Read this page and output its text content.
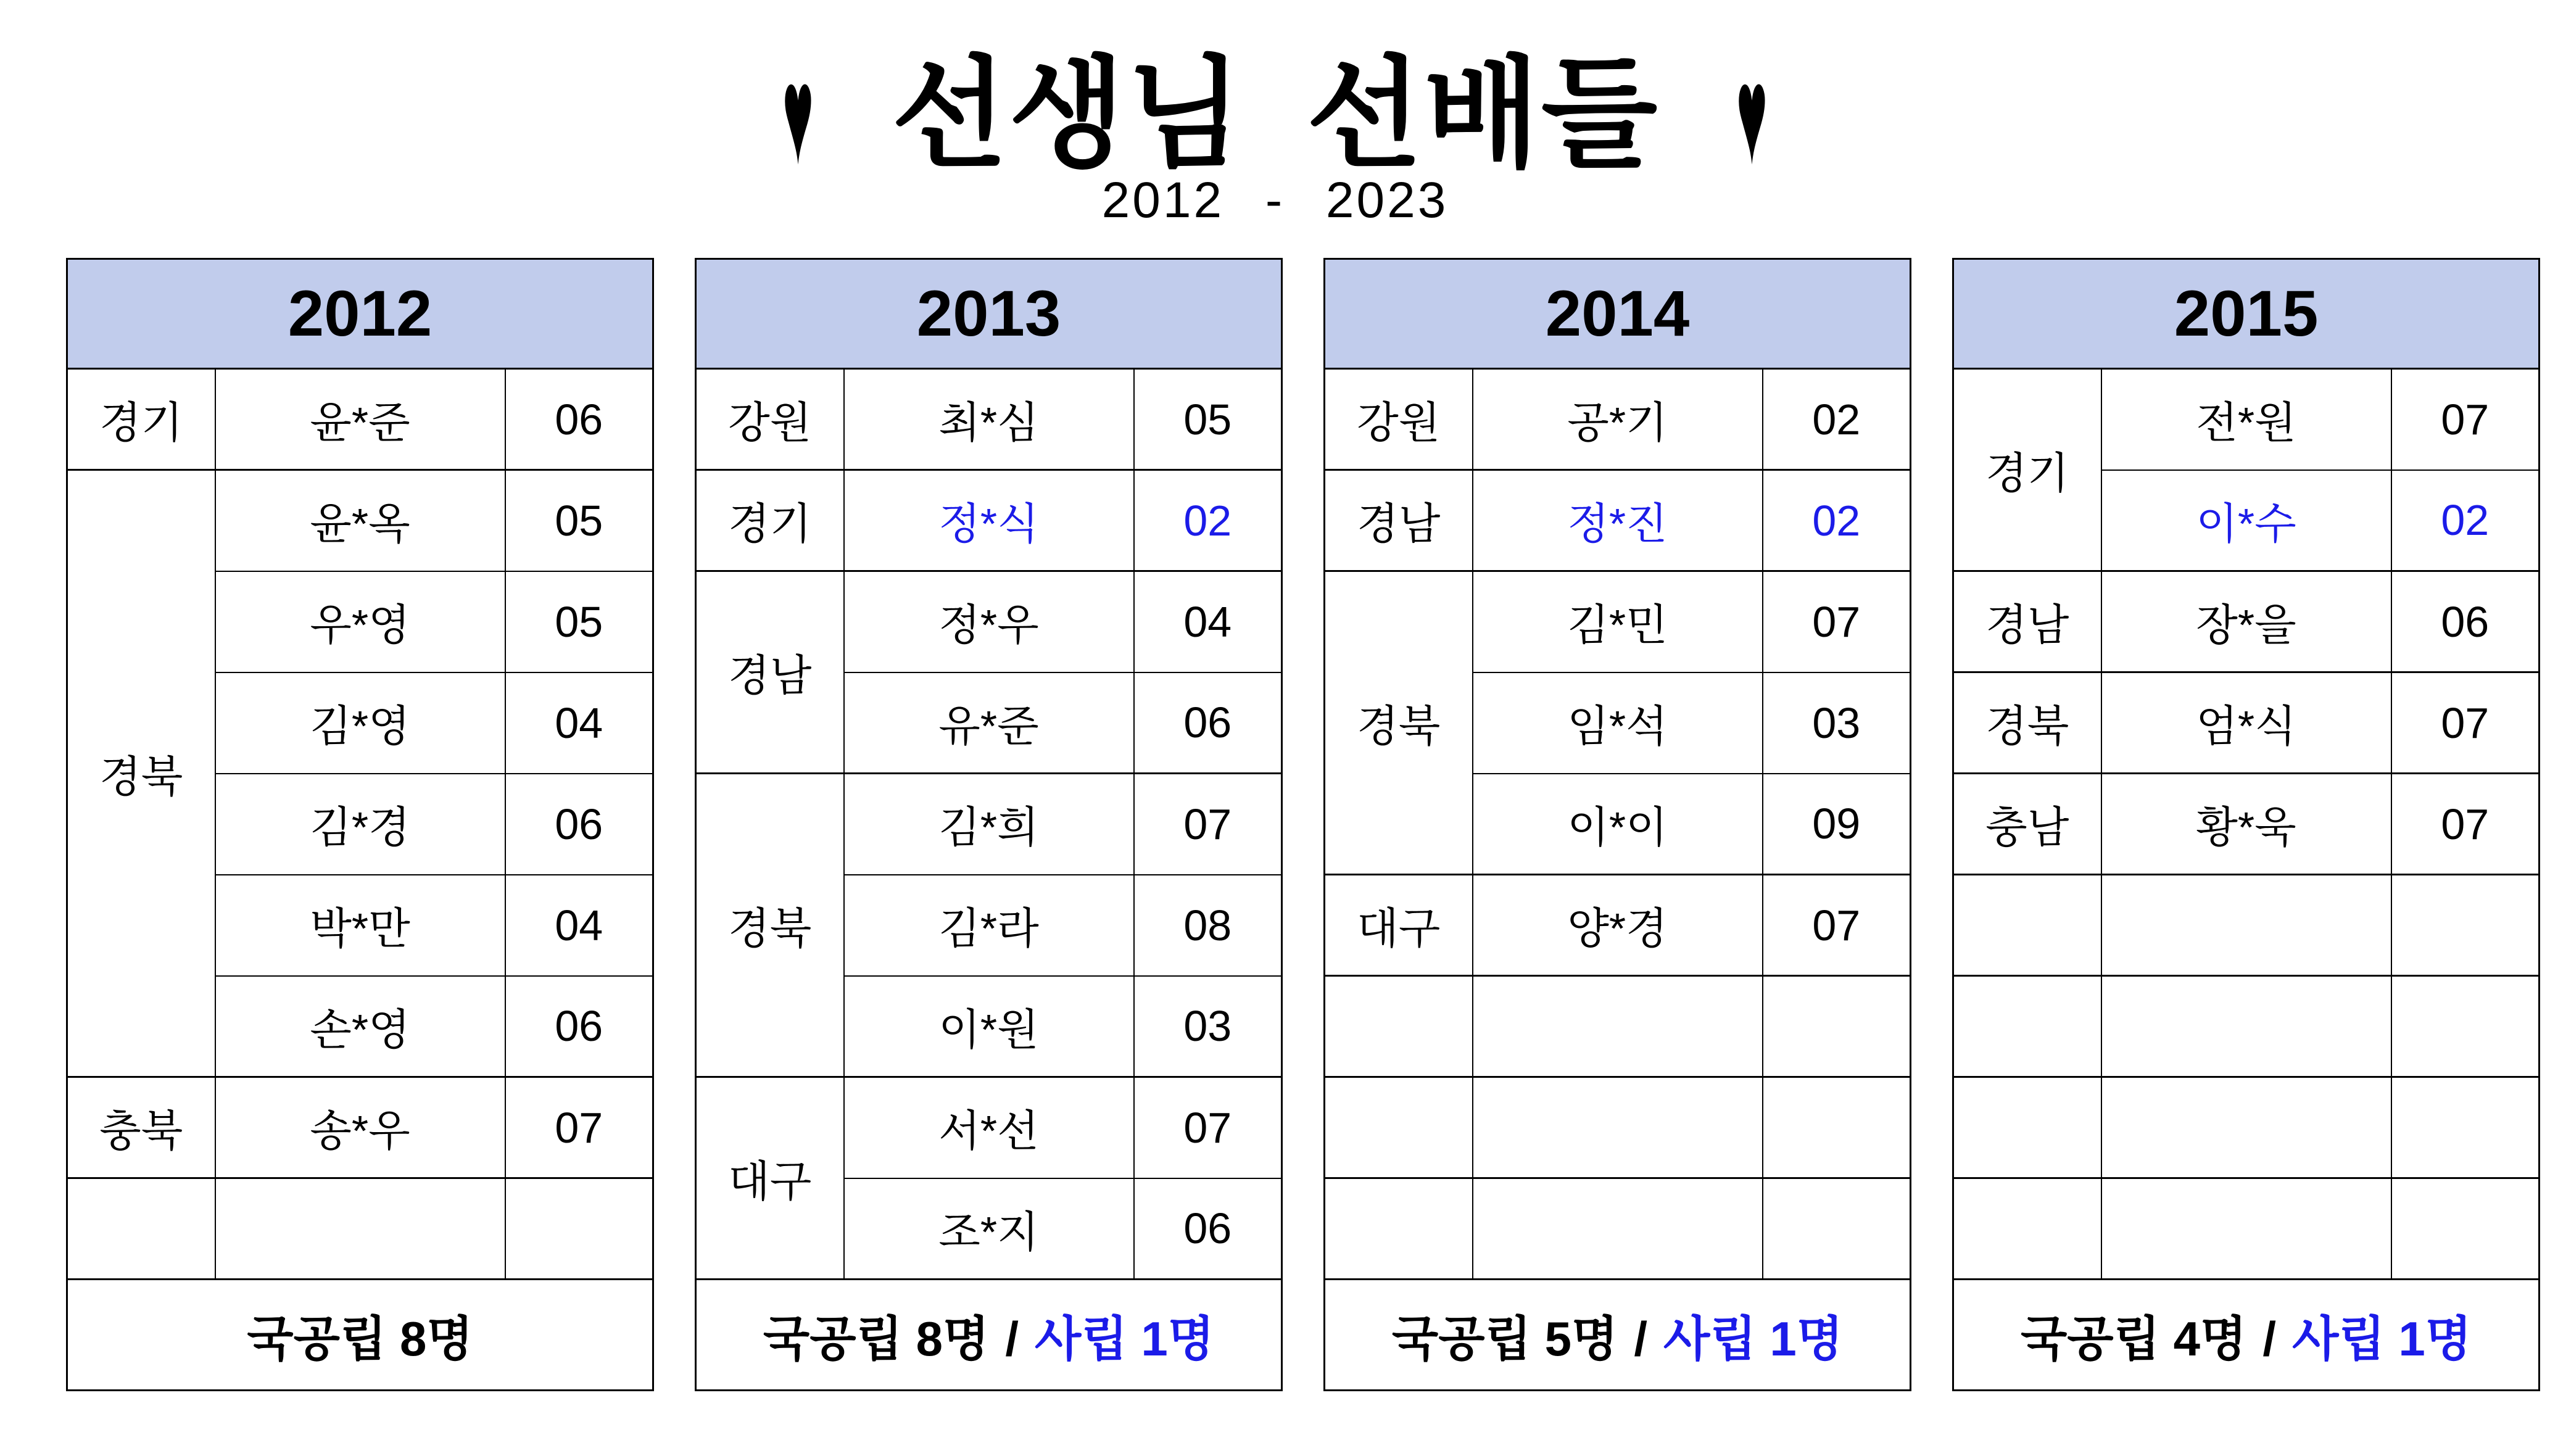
♥ 선생님 선배들 ♥
2012 - 2023
2012		
경기	윤*준	06
경북	윤*옥	05
	우*영	05
	김*영	04
	김*경	06
	박*만	04
	손*영	06
충북	송*우	07

국공립 8명		
2013		
강원	최*심	05
경기	정*식	02
경남	정*우	04
	유*준	06
경북	김*희	07
	김*라	08
	이*원	03
대구	서*선	07
	조*지	06
국공립 8명 / 사립 1명		
2014		
강원	공*기	02
경남	정*진	02
경북	김*민	07
	임*석	03
	이*이	09
대구	양*경	07

국공립 5명 / 사립 1명		
2015		
경기	전*원	07
	이*수	02
경남	장*을	06
경북	엄*식	07
충남	황*욱	07

국공립 4명 / 사립 1명		
